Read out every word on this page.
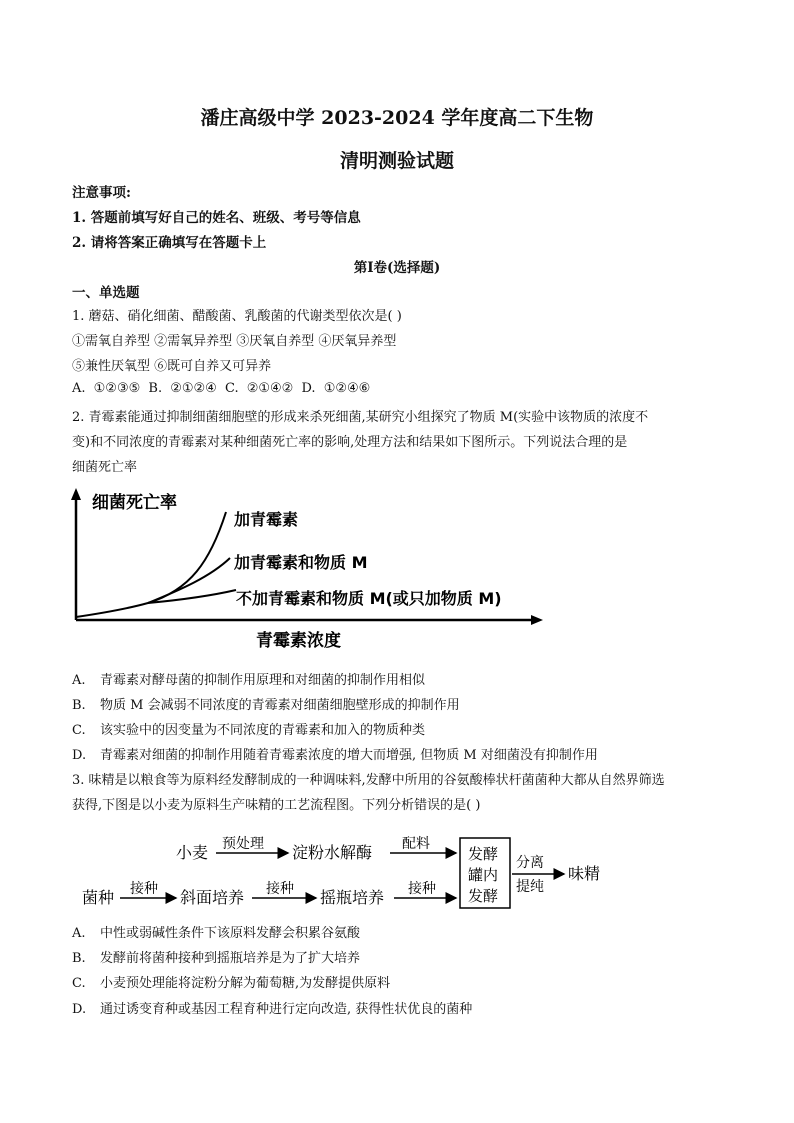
潘庄高级中学 2023-2024 学年度高二下生物
清明测验试题
注意事项:
1. 答题前填写好自己的姓名、班级、考号等信息
2. 请将答案正确填写在答题卡上
第Ⅰ卷(选择题)
一、单选题
1. 蘑菇、硝化细菌、醋酸菌、乳酸菌的代谢类型依次是( )
①需氧自养型 ②需氧异养型 ③厌氧自养型 ④厌氧异养型
⑤兼性厌氧型 ⑥既可自养又可异养
A. ①②③⑤ B. ②①②④ C. ②①④② D. ①②④⑥
2. 青霉素能通过抑制细菌细胞壁的形成来杀死细菌,某研究小组探究了物质 M(实验中该物质的浓度不
变)和不同浓度的青霉素对某种细菌死亡率的影响,处理方法和结果如下图所示。下列说法合理的是
细菌死亡率
细菌死亡率
青霉素浓度
加青霉素
加青霉素和物质 M
不加青霉素和物质 M(或只加物质 M)
A. 青霉素对酵母菌的抑制作用原理和对细菌的抑制作用相似
B. 物质 M 会减弱不同浓度的青霉素对细菌细胞壁形成的抑制作用
C. 该实验中的因变量为不同浓度的青霉素和加入的物质种类
D. 青霉素对细菌的抑制作用随着青霉素浓度的增大而增强, 但物质 M 对细菌没有抑制作用
3. 味精是以粮食等为原料经发酵制成的一种调味料,发酵中所用的谷氨酸棒状杆菌菌种大都从自然界筛选
获得,下图是以小麦为原料生产味精的工艺流程图。下列分析错误的是( )
小麦 预处理 淀粉水解酶 配料
发酵
罐内
发酵
分离
提纯
味精
菌种 接种 斜面培养 接种 摇瓶培养 接种
A. 中性或弱碱性条件下该原料发酵会积累谷氨酸
B. 发酵前将菌种接种到摇瓶培养是为了扩大培养
C. 小麦预处理能将淀粉分解为葡萄糖,为发酵提供原料
D. 通过诱变育种或基因工程育种进行定向改造, 获得性状优良的菌种
